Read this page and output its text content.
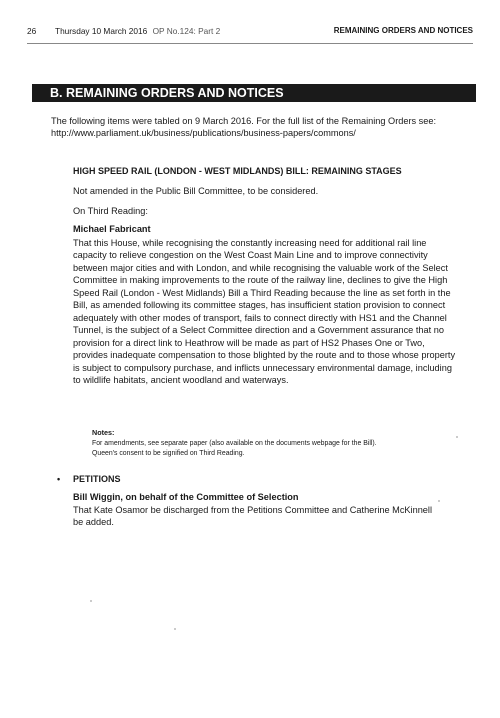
26 Thursday 10 March 2016 OP No.124: Part 2	REMAINING ORDERS AND NOTICES
B. REMAINING ORDERS AND NOTICES
The following items were tabled on 9 March 2016. For the full list of the Remaining Orders see:
http://www.parliament.uk/business/publications/business-papers/commons/
HIGH SPEED RAIL (LONDON - WEST MIDLANDS) BILL: REMAINING STAGES
Not amended in the Public Bill Committee, to be considered.
On Third Reading:
Michael Fabricant
That this House, while recognising the constantly increasing need for additional rail line capacity to relieve congestion on the West Coast Main Line and to improve connectivity between major cities and with London, and while recognising the valuable work of the Select Committee in making improvements to the route of the railway line, declines to give the High Speed Rail (London - West Midlands) Bill a Third Reading because the line as set forth in the Bill, as amended following its committee stages, has insufficient station provision to connect adequately with other modes of transport, fails to connect directly with HS1 and the Channel Tunnel, is the subject of a Select Committee direction and a Government assurance that no provision for a direct link to Heathrow will be made as part of HS2 Phases One or Two, provides inadequate compensation to those blighted by the route and to those whose property is subject to compulsory purchase, and inflicts unnecessary environmental damage, including to wildlife habitats, ancient woodland and waterways.
Notes:
For amendments, see separate paper (also available on the documents webpage for the Bill).
Queen's consent to be signified on Third Reading.
• PETITIONS
Bill Wiggin, on behalf of the Committee of Selection
That Kate Osamor be discharged from the Petitions Committee and Catherine McKinnell be added.
